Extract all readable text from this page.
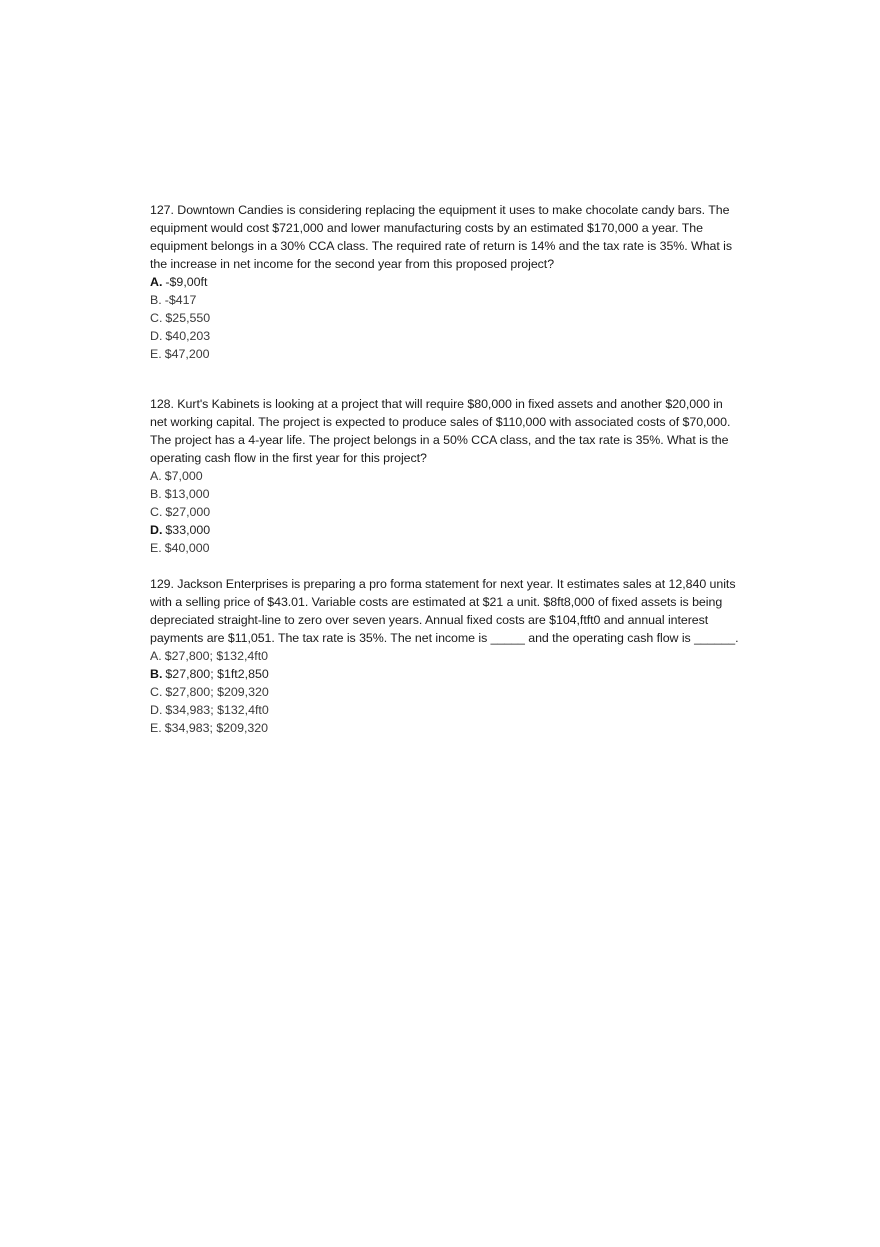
127. Downtown Candies is considering replacing the equipment it uses to make chocolate candy bars. The equipment would cost $721,000 and lower manufacturing costs by an estimated $170,000 a year. The equipment belongs in a 30% CCA class. The required rate of return is 14% and the tax rate is 35%. What is the increase in net income for the second year from this proposed project?

A. -$9,00ft
B. -$417
C. $25,550
D. $40,203
E. $47,200

128. Kurt's Kabinets is looking at a project that will require $80,000 in fixed assets and another $20,000 in net working capital. The project is expected to produce sales of $110,000 with associated costs of $70,000. The project has a 4-year life. The project belongs in a 50% CCA class, and the tax rate is 35%. What is the operating cash flow in the first year for this project?

A. $7,000
B. $13,000
C. $27,000
D. $33,000
E. $40,000

129. Jackson Enterprises is preparing a pro forma statement for next year. It estimates sales at 12,840 units with a selling price of $43.01. Variable costs are estimated at $21 a unit. $8ft8,000 of fixed assets is being depreciated straight-line to zero over seven years. Annual fixed costs are $104,ftft0 and annual interest payments are $11,051. The tax rate is 35%. The net income is _____ and the operating cash flow is ______.

A. $27,800; $132,4ft0
B. $27,800; $1ft2,850
C. $27,800; $209,320
D. $34,983; $132,4ft0
E. $34,983; $209,320
